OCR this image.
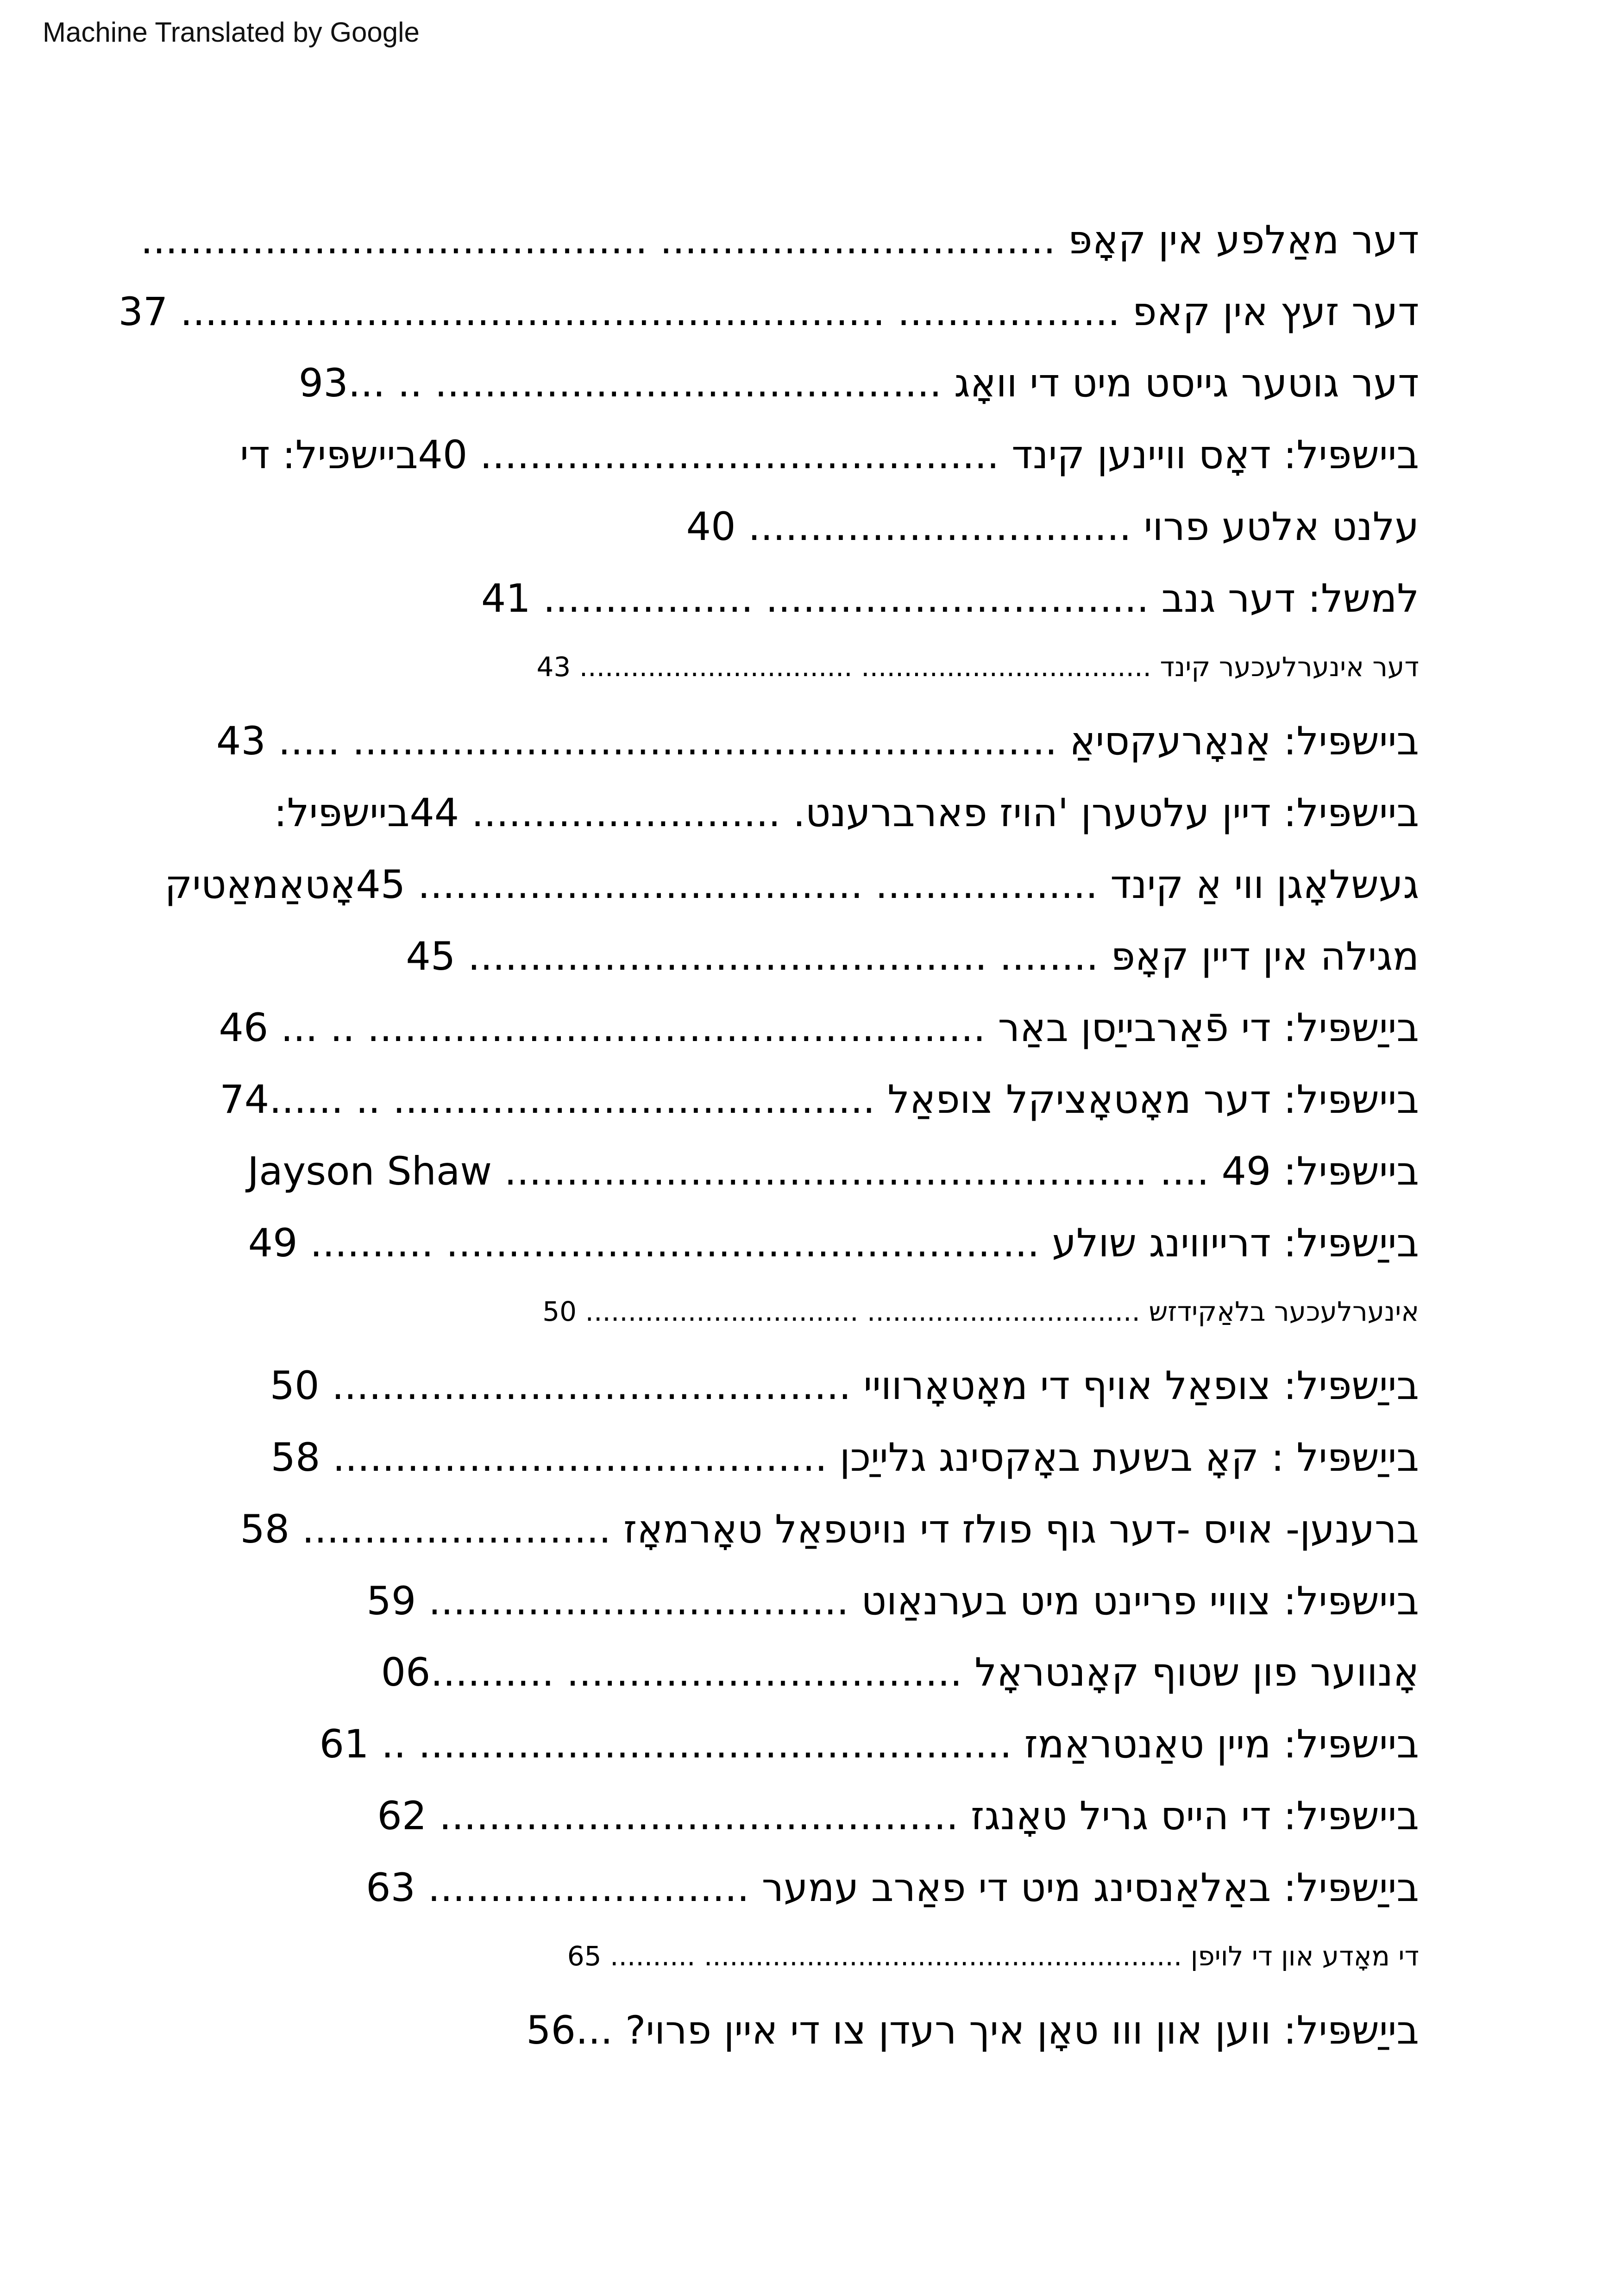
Machine Translated by Google
דער מאַלפע אין קאָפּ ................................ .........................................
דער זעץ אין קאפ .................. ......................................................... 37
דער גוטער גייסט מיט די וואָג ......................................... .. ...93
ביישפּיל: דאָס וויינען קינד .......................................... 40ביישפּיל: די
עלנט אלטע פרוי ............................... 40
למשל: דער גנב ............................... ................. 41
דער אינערלעכער קינד .................................. ................................ 43
ביישפּיל: אַנאָרעקסיאַ ......................................................... ..... 43
ביישפּיל: דיין עלטערן 'הויז פארברענט. ......................... 44ביישפּיל:
געשלאָגן ווי אַ קינד .................. .................................... 45אָטאַמאַטיק
מגילה אין דיין קאָפּ ........ .......................................... 45
בייַשפּיל: די פֿאַרבייַסן באַר .................................................. .. ... 46
ביישפּיל: דער מאָטאָציקל צופאַל ....................................... .. ......74
ביישפּיל: 49 .... .................................................... Jayson Shaw
בייַשפּיל: דרייווינג שולע ................................................ .......... 49
אינערלעכער בלאַקידזש ................................ ................................ 50
בייַשפּיל: צופאַל אויף די מאָטאָרוויי .......................................... 50
בייַשפּיל : קאָ בשעת באָקסינג גלייַכן ........................................ 58
ברענען- אויס -דער גוף פולז די נויטפאַל טאָרמאָז ......................... 58
ביישפּיל: צוויי פריינט מיט בערנאַוט .................................. 59
אָנווער פון שטוף קאָנטראָל ................................ ..........06
ביישפּיל: מיין טאַנטראַמז ................................................ .. 61
ביישפּיל: די הייס גריל טאָנגז .......................................... 62
בייַשפּיל: באַלאַנסינג מיט די פאַרב עמער .......................... 63
די מאָדע און די לויפן ........................................................ .......... 65
בייַשפּיל: ווען און ווו טאָן איך רעדן צו די איין פרוי? ...56
